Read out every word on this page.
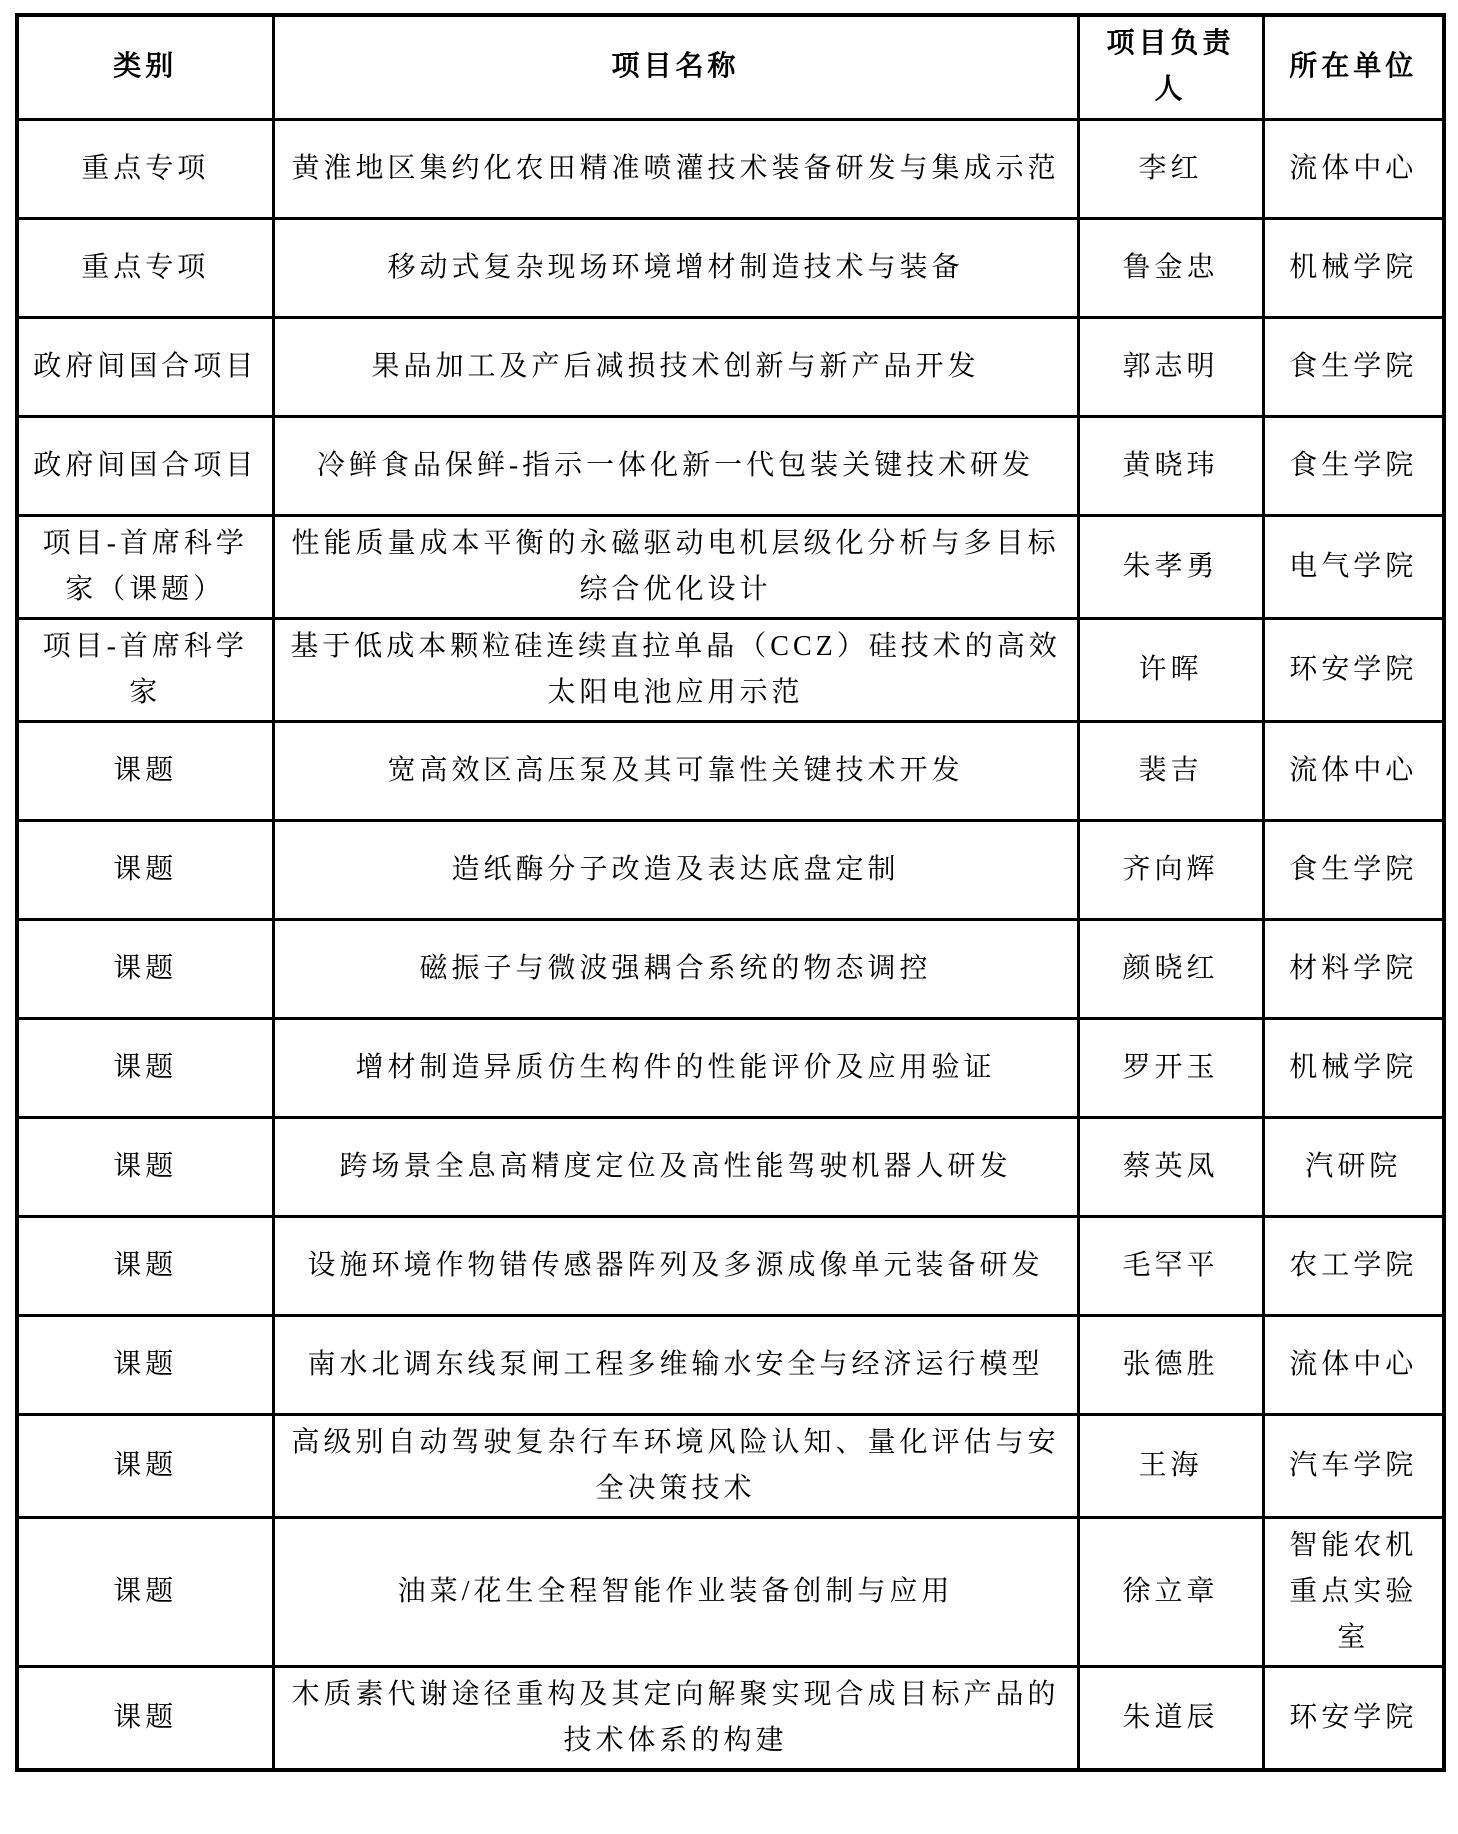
类别	项目名称	项目负责人	所在单位
重点专项	黄淮地区集约化农田精准喷灌技术装备研发与集成示范	李红	流体中心
重点专项	移动式复杂现场环境增材制造技术与装备	鲁金忠	机械学院
政府间国合项目	果品加工及产后减损技术创新与新产品开发	郭志明	食生学院
政府间国合项目	冷鲜食品保鲜-指示一体化新一代包装关键技术研发	黄晓玮	食生学院
项目-首席科学家（课题）	性能质量成本平衡的永磁驱动电机层级化分析与多目标综合优化设计	朱孝勇	电气学院
项目-首席科学家	基于低成本颗粒硅连续直拉单晶（CCZ）硅技术的高效太阳电池应用示范	许晖	环安学院
课题	宽高效区高压泵及其可靠性关键技术开发	裴吉	流体中心
课题	造纸酶分子改造及表达底盘定制	齐向辉	食生学院
课题	磁振子与微波强耦合系统的物态调控	颜晓红	材料学院
课题	增材制造异质仿生构件的性能评价及应用验证	罗开玉	机械学院
课题	跨场景全息高精度定位及高性能驾驶机器人研发	蔡英凤	汽研院
课题	设施环境作物错传感器阵列及多源成像单元装备研发	毛罕平	农工学院
课题	南水北调东线泵闸工程多维输水安全与经济运行模型	张德胜	流体中心
课题	高级别自动驾驶复杂行车环境风险认知、量化评估与安全决策技术	王海	汽车学院
课题	油菜/花生全程智能作业装备创制与应用	徐立章	智能农机重点实验室
课题	木质素代谢途径重构及其定向解聚实现合成目标产品的技术体系的构建	朱道辰	环安学院
